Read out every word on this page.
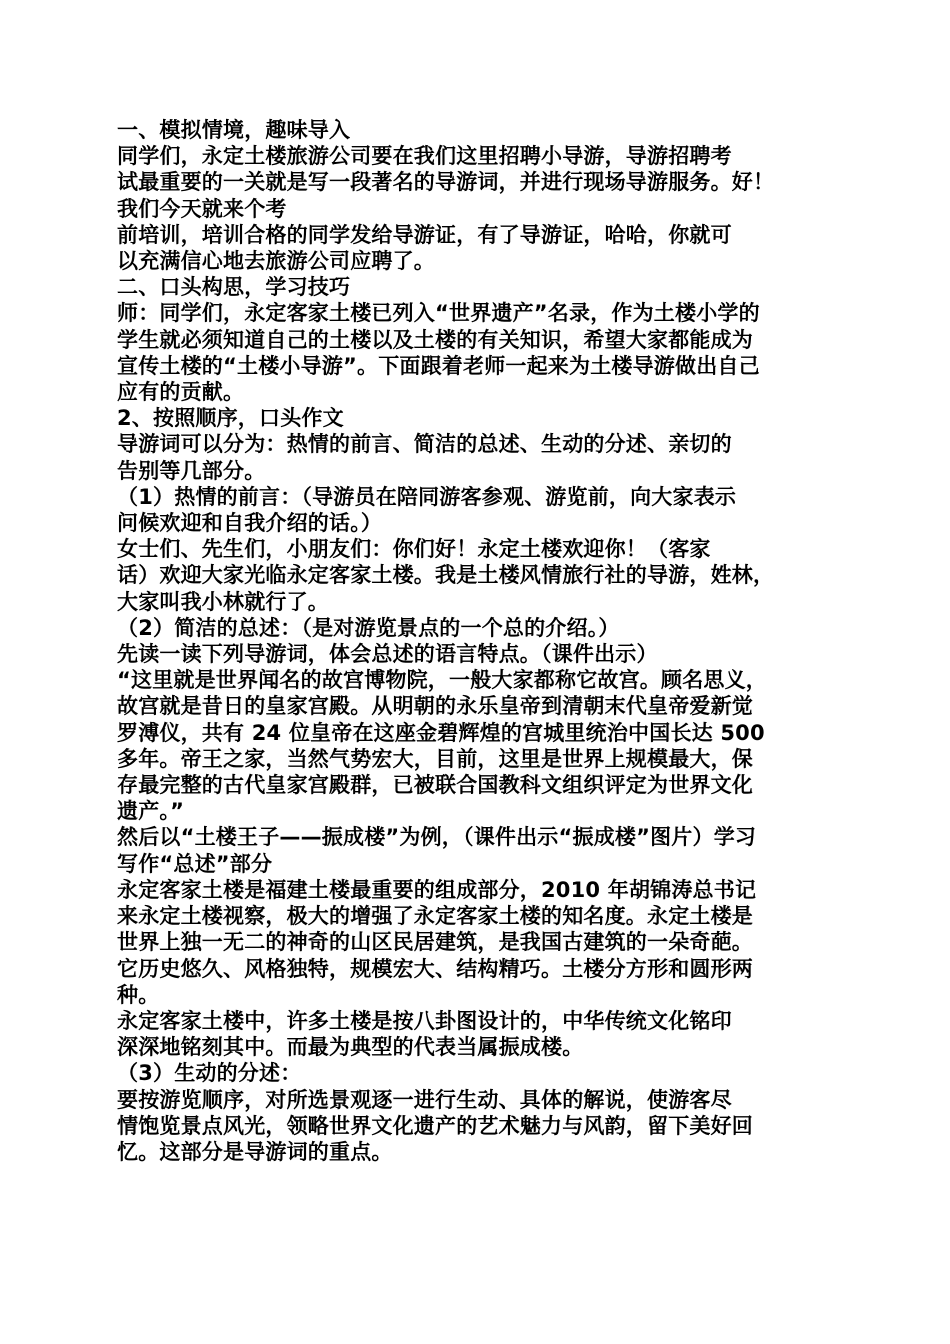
一、模拟情境，趣味导入
同学们，永定土楼旅游公司要在我们这里招聘小导游，导游招聘考
试最重要的一关就是写一段著名的导游词，并进行现场导游服务。好！
我们今天就来个考
前培训，培训合格的同学发给导游证，有了导游证，哈哈，你就可
以充满信心地去旅游公司应聘了。
二、口头构思，学习技巧
师：同学们，永定客家土楼已列入“世界遗产”名录，作为土楼小学的
学生就必须知道自己的土楼以及土楼的有关知识，希望大家都能成为
宣传土楼的“土楼小导游”。下面跟着老师一起来为土楼导游做出自己
应有的贡献。
2、按照顺序，口头作文
导游词可以分为：热情的前言、简洁的总述、生动的分述、亲切的
告别等几部分。
（1）热情的前言：（导游员在陪同游客参观、游览前，向大家表示
问候欢迎和自我介绍的话。）
女士们、先生们，小朋友们：你们好！永定土楼欢迎你！（客家
话）欢迎大家光临永定客家土楼。我是土楼风情旅行社的导游，姓林，
大家叫我小林就行了。
（2）简洁的总述：（是对游览景点的一个总的介绍。）
先读一读下列导游词，体会总述的语言特点。（课件出示）
“这里就是世界闻名的故宫博物院，一般大家都称它故宫。顾名思义，
故宫就是昔日的皇家宫殿。从明朝的永乐皇帝到清朝末代皇帝爱新觉
罗溥仪，共有 24 位皇帝在这座金碧辉煌的宫城里统治中国长达 500
多年。帝王之家，当然气势宏大，目前，这里是世界上规模最大，保
存最完整的古代皇家宫殿群，已被联合国教科文组织评定为世界文化
遗产。”
然后以“土楼王子——振成楼”为例，（课件出示“振成楼”图片）学习
写作“总述”部分
永定客家土楼是福建土楼最重要的组成部分，2010 年胡锦涛总书记
来永定土楼视察，极大的增强了永定客家土楼的知名度。永定土楼是
世界上独一无二的神奇的山区民居建筑，是我国古建筑的一朵奇葩。
它历史悠久、风格独特，规模宏大、结构精巧。土楼分方形和圆形两
种。
永定客家土楼中，许多土楼是按八卦图设计的，中华传统文化铭印
深深地铭刻其中。而最为典型的代表当属振成楼。
（3）生动的分述：
要按游览顺序，对所选景观逐一进行生动、具体的解说，使游客尽
情饱览景点风光，领略世界文化遗产的艺术魅力与风韵，留下美好回
忆。这部分是导游词的重点。
